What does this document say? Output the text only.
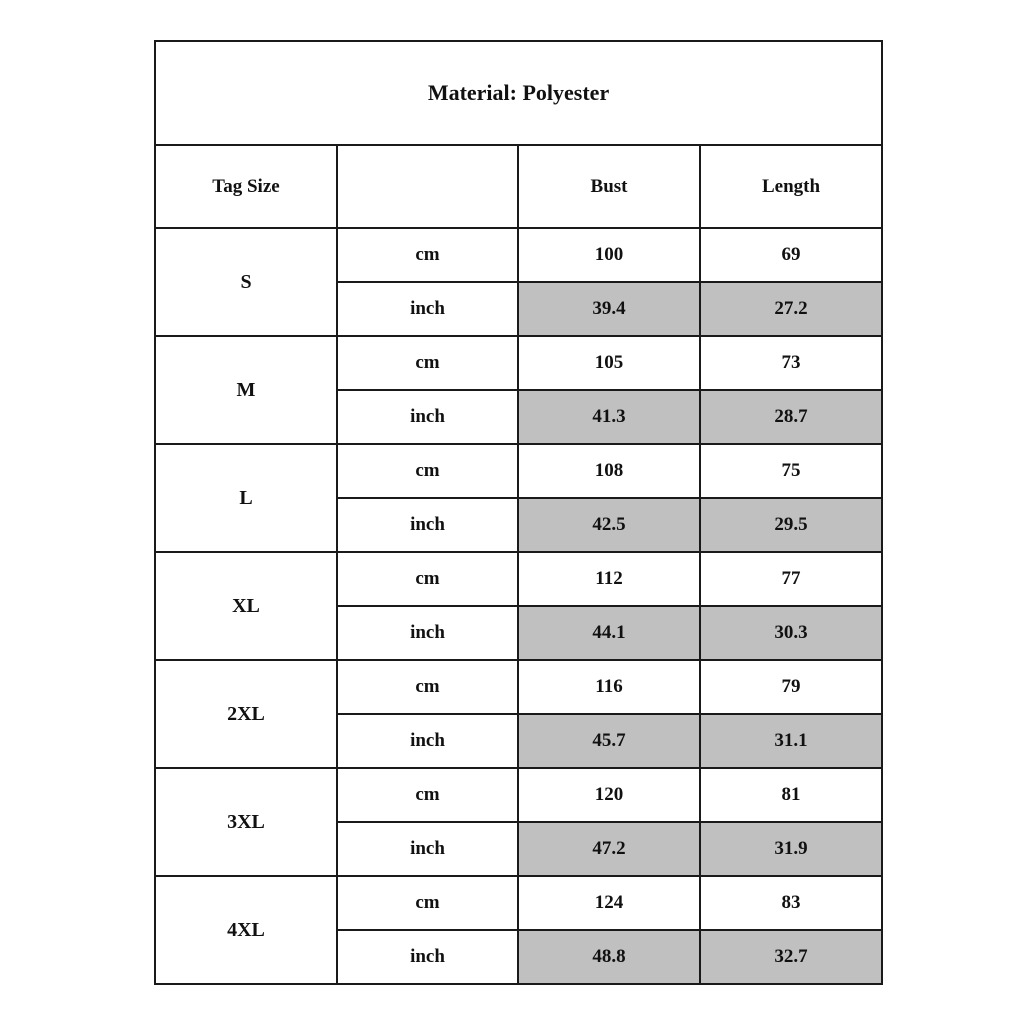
Material: Polyester			
Tag Size		Bust	Length
S	cm	100	69
	inch	39.4	27.2
M	cm	105	73
	inch	41.3	28.7
L	cm	108	75
	inch	42.5	29.5
XL	cm	112	77
	inch	44.1	30.3
2XL	cm	116	79
	inch	45.7	31.1
3XL	cm	120	81
	inch	47.2	31.9
4XL	cm	124	83
	inch	48.8	32.7
